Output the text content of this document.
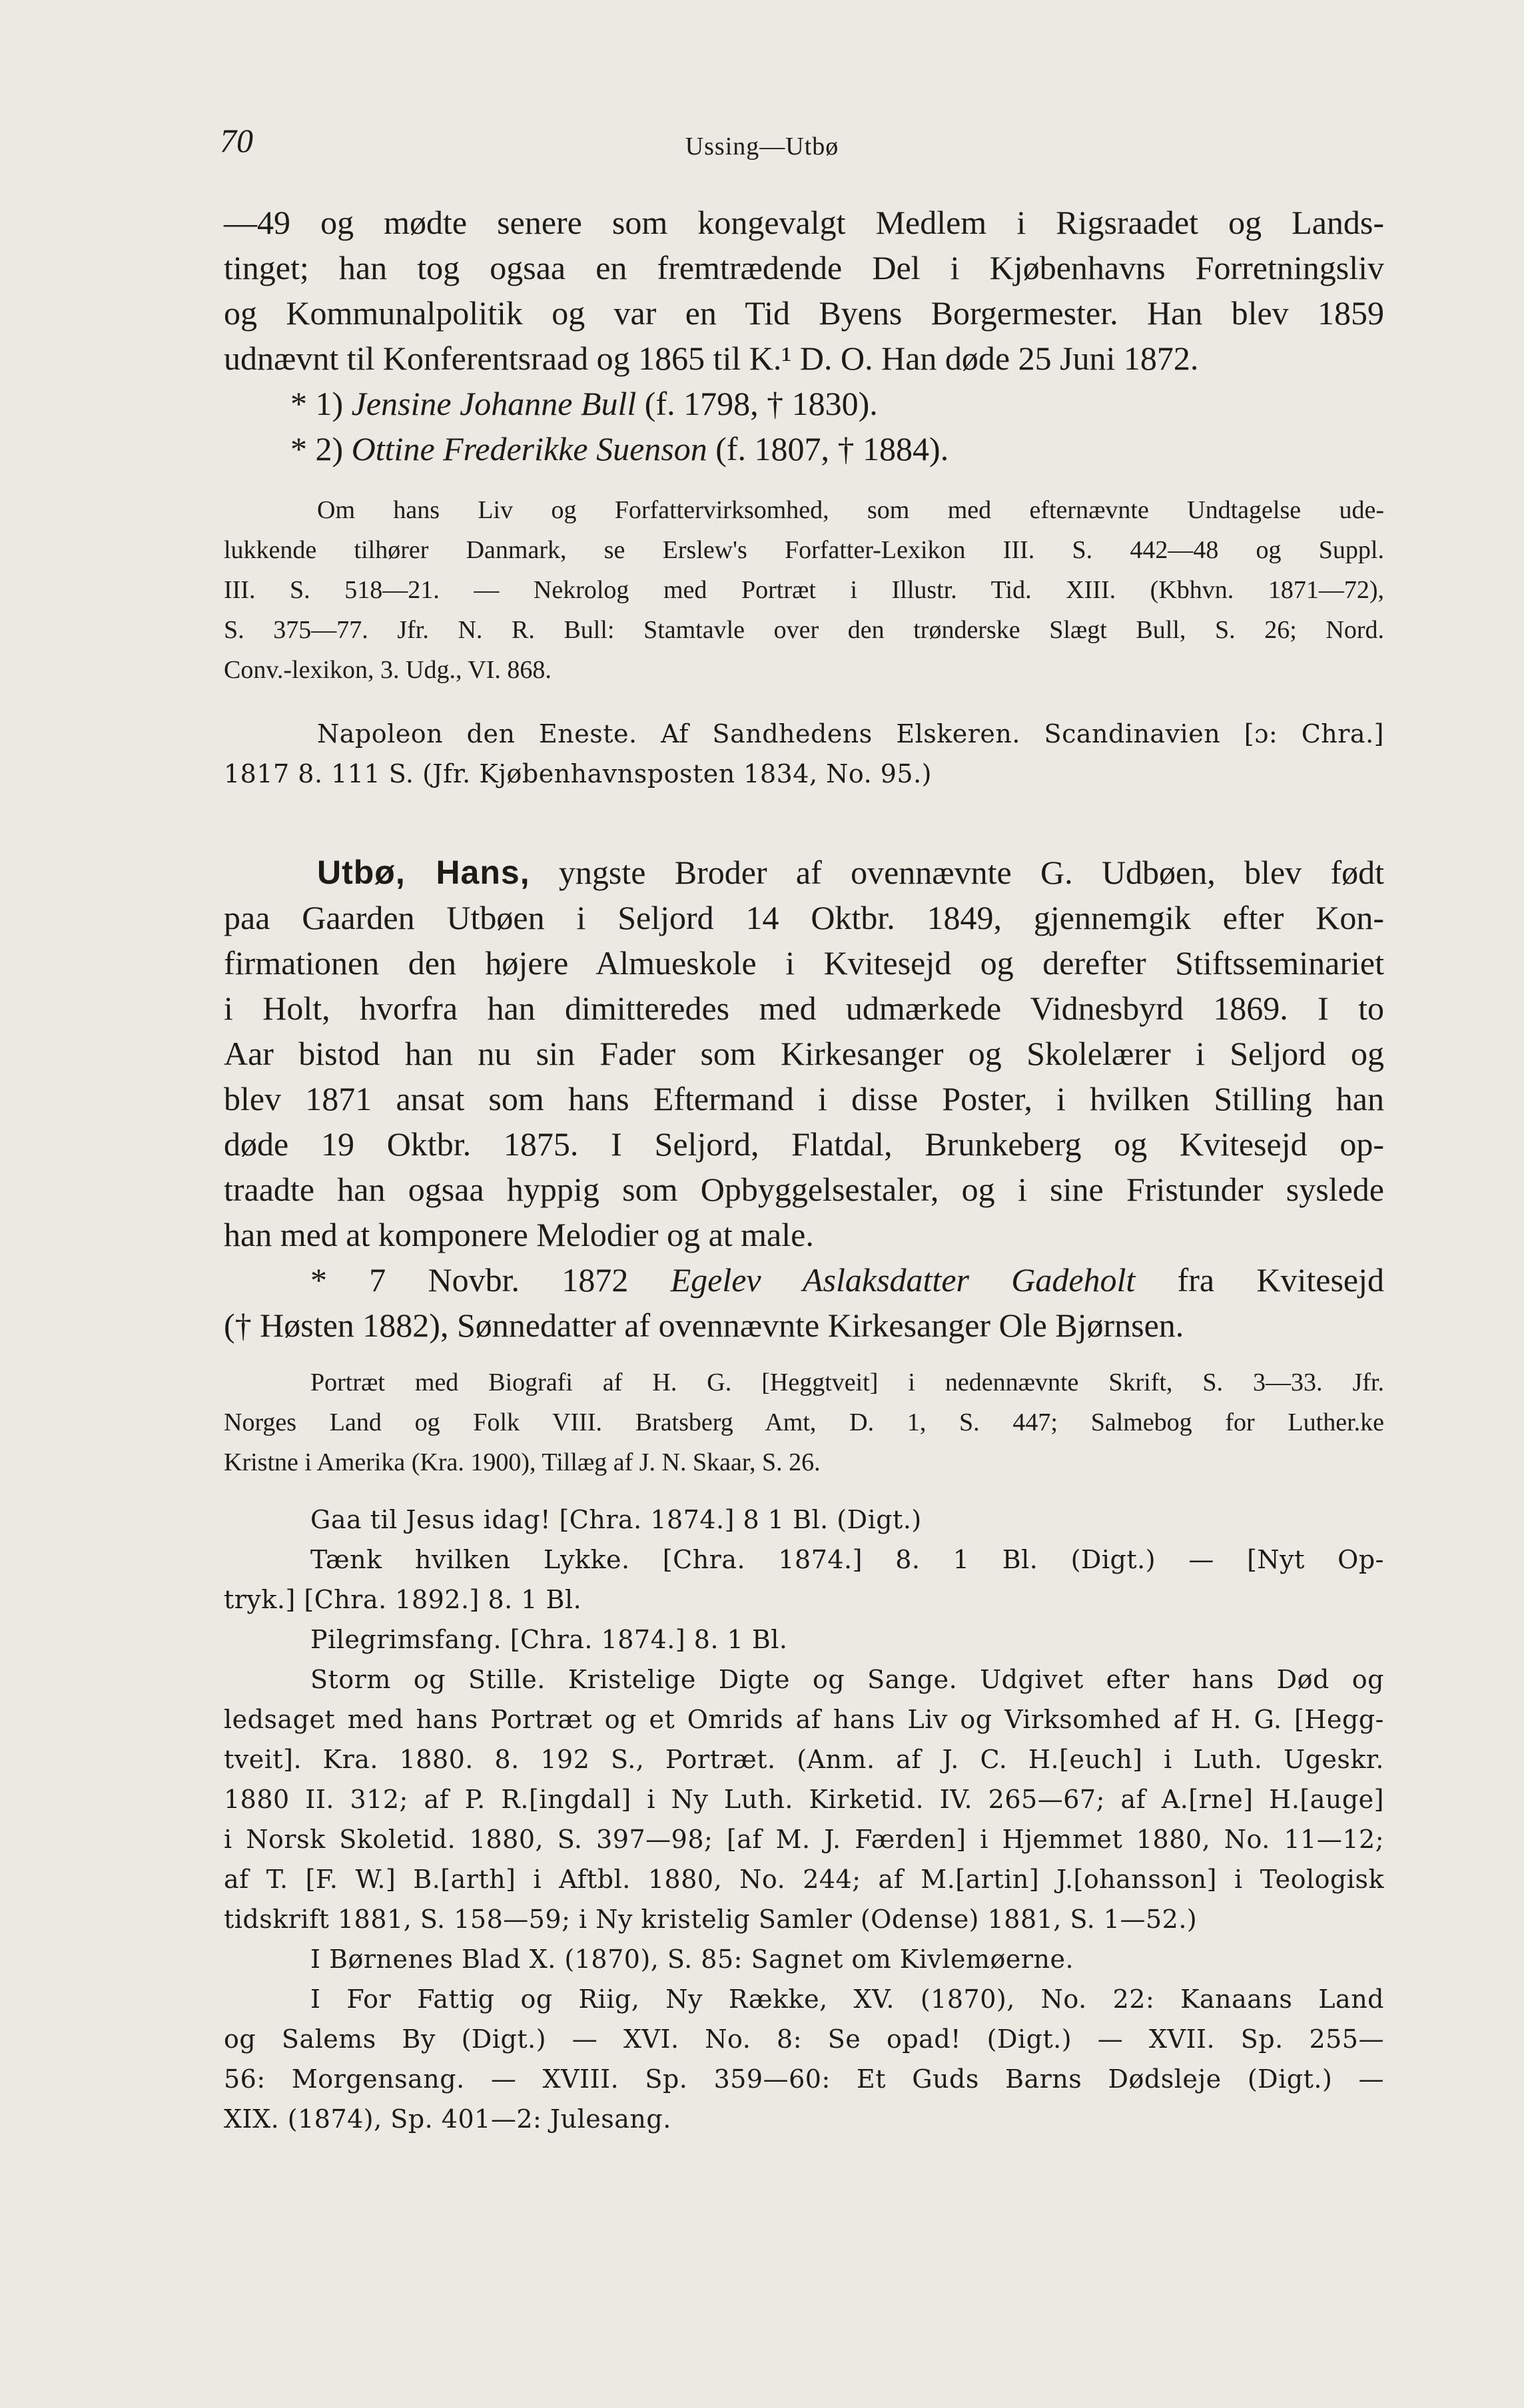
70	Ussing—Utbø
—49 og mødte senere som kongevalgt Medlem i Rigsraadet og Lands-
tinget; han tog ogsaa en fremtrædende Del i Kjøbenhavns Forretningsliv
og Kommunalpolitik og var en Tid Byens Borgermester. Han blev 1859
udnævnt til Konferentsraad og 1865 til K.¹ D. O. Han døde 25 Juni 1872.
* 1) Jensine Johanne Bull (f. 1798, † 1830).
* 2) Ottine Frederikke Suenson (f. 1807, † 1884).
Om hans Liv og Forfattervirksomhed, som med efternævnte Undtagelse ude-
lukkende tilhører Danmark, se Erslew's Forfatter-Lexikon III. S. 442—48 og Suppl.
III. S. 518—21. — Nekrolog med Portræt i Illustr. Tid. XIII. (Kbhvn. 1871—72),
S. 375—77. Jfr. N. R. Bull: Stamtavle over den trønderske Slægt Bull, S. 26; Nord.
Conv.-lexikon, 3. Udg., VI. 868.
Napoleon den Eneste. Af Sandhedens Elskeren. Scandinavien [ɔ: Chra.]
1817 8. 111 S. (Jfr. Kjøbenhavnsposten 1834, No. 95.)
Utbø, Hans, yngste Broder af ovennævnte G. Udbøen, blev født
paa Gaarden Utbøen i Seljord 14 Oktbr. 1849, gjennemgik efter Kon-
firmationen den højere Almueskole i Kvitesejd og derefter Stiftsseminariet
i Holt, hvorfra han dimitteredes med udmærkede Vidnesbyrd 1869. I to
Aar bistod han nu sin Fader som Kirkesanger og Skolelærer i Seljord og
blev 1871 ansat som hans Eftermand i disse Poster, i hvilken Stilling han
døde 19 Oktbr. 1875. I Seljord, Flatdal, Brunkeberg og Kvitesejd op-
traadte han ogsaa hyppig som Opbyggelsestaler, og i sine Fristunder syslede
han med at komponere Melodier og at male.
* 7 Novbr. 1872 Egelev Aslaksdatter Gadeholt fra Kvitesejd
(† Høsten 1882), Sønnedatter af ovennævnte Kirkesanger Ole Bjørnsen.
Portræt med Biografi af H. G. [Heggtveit] i nedennævnte Skrift, S. 3—33. Jfr.
Norges Land og Folk VIII. Bratsberg Amt, D. 1, S. 447; Salmebog for Luther.ke
Kristne i Amerika (Kra. 1900), Tillæg af J. N. Skaar, S. 26.
Gaa til Jesus idag! [Chra. 1874.] 8 1 Bl. (Digt.)
Tænk hvilken Lykke. [Chra. 1874.] 8. 1 Bl. (Digt.) — [Nyt Op-
tryk.] [Chra. 1892.] 8. 1 Bl.
Pilegrimsfang. [Chra. 1874.] 8. 1 Bl.
Storm og Stille. Kristelige Digte og Sange. Udgivet efter hans Død og
ledsaget med hans Portræt og et Omrids af hans Liv og Virksomhed af H. G. [Hegg-
tveit]. Kra. 1880. 8. 192 S., Portræt. (Anm. af J. C. H.[euch] i Luth. Ugeskr.
1880 II. 312; af P. R.[ingdal] i Ny Luth. Kirketid. IV. 265—67; af A.[rne] H.[auge]
i Norsk Skoletid. 1880, S. 397—98; [af M. J. Færden] i Hjemmet 1880, No. 11—12;
af T. [F. W.] B.[arth] i Aftbl. 1880, No. 244; af M.[artin] J.[ohansson] i Teologisk
tidskrift 1881, S. 158—59; i Ny kristelig Samler (Odense) 1881, S. 1—52.)
I Børnenes Blad X. (1870), S. 85: Sagnet om Kivlemøerne.
I For Fattig og Riig, Ny Række, XV. (1870), No. 22: Kanaans Land
og Salems By (Digt.) — XVI. No. 8: Se opad! (Digt.) — XVII. Sp. 255—
56: Morgensang. — XVIII. Sp. 359—60: Et Guds Barns Dødsleje (Digt.) —
XIX. (1874), Sp. 401—2: Julesang.
